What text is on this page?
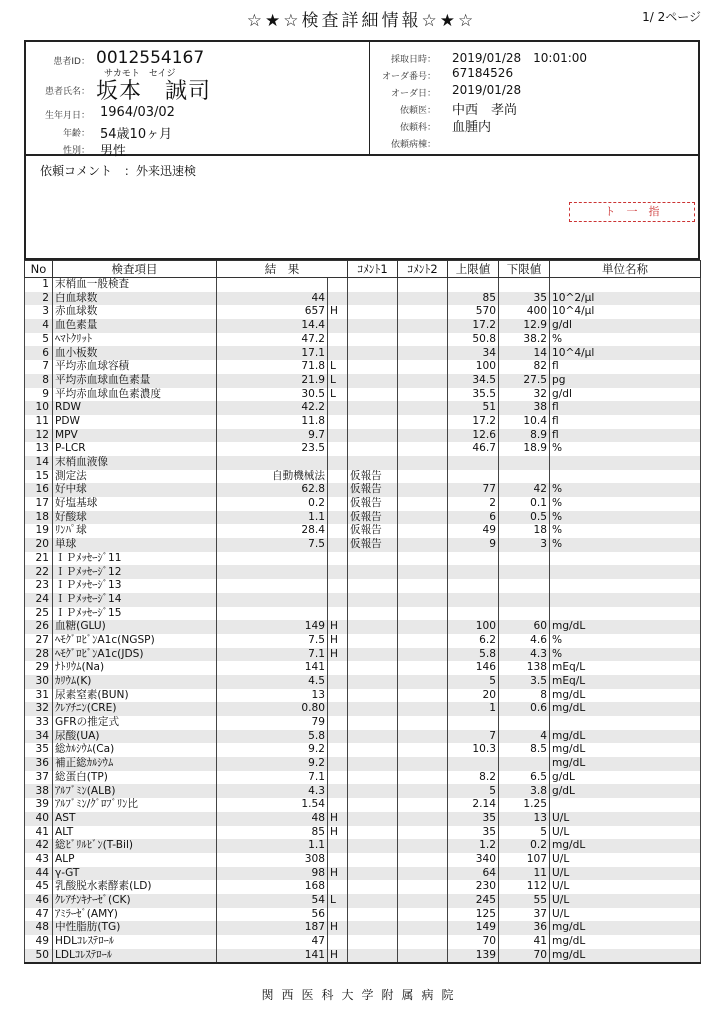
☆★☆検査詳細情報☆★☆	1/ 2ページ
患者ID： 0012554167
サカモト　セイジ
患者氏名： 坂本　誠司
生年月日： 1964/03/02
年齢： 54歳10ヶ月
性別： 男性
採取日時： 2019/01/28　10:01:00
オーダ番号： 67184526
オーダ日： 2019/01/28
依頼医： 中西　孝尚
依頼科： 血腫内
依頼病棟：
依頼コメント　：外来迅速検
ト　一　指
No	検査項目	結　果		ｺﾒﾝﾄ1	ｺﾒﾝﾄ2	上限値	下限値	単位名称
1	末梢血一般検査							
2	白血球数	44				85	35	10^2/μl
3	赤血球数	657	H			570	400	10^4/μl
4	血色素量	14.4				17.2	12.9	g/dl
5	ﾍﾏﾄｸﾘｯﾄ	47.2				50.8	38.2	%
6	血小板数	17.1				34	14	10^4/μl
7	平均赤血球容積	71.8	L			100	82	fl
8	平均赤血球血色素量	21.9	L			34.5	27.5	pg
9	平均赤血球血色素濃度	30.5	L			35.5	32	g/dl
10	RDW	42.2				51	38	fl
11	PDW	11.8				17.2	10.4	fl
12	MPV	9.7				12.6	8.9	fl
13	P-LCR	23.5				46.7	18.9	%
14	末梢血液像							
15	測定法	自動機械法		仮報告				
16	好中球	62.8		仮報告		77	42	%
17	好塩基球	0.2		仮報告		2	0.1	%
18	好酸球	1.1		仮報告		6	0.5	%
19	ﾘﾝﾊﾟ球	28.4		仮報告		49	18	%
20	単球	7.5		仮報告		9	3	%
21	ＩＰﾒｯｾｰｼﾞ11							
22	ＩＰﾒｯｾｰｼﾞ12							
23	ＩＰﾒｯｾｰｼﾞ13							
24	ＩＰﾒｯｾｰｼﾞ14							
25	ＩＰﾒｯｾｰｼﾞ15							
26	血糖(GLU)	149	H			100	60	mg/dL
27	ﾍﾓｸﾞﾛﾋﾞﾝA1c(NGSP)	7.5	H			6.2	4.6	%
28	ﾍﾓｸﾞﾛﾋﾞﾝA1c(JDS)	7.1	H			5.8	4.3	%
29	ﾅﾄﾘｳﾑ(Na)	141				146	138	mEq/L
30	ｶﾘｳﾑ(K)	4.5				5	3.5	mEq/L
31	尿素窒素(BUN)	13				20	8	mg/dL
32	ｸﾚｱﾁﾆﾝ(CRE)	0.80				1	0.6	mg/dL
33	GFRの推定式	79						
34	尿酸(UA)	5.8				7	4	mg/dL
35	総ｶﾙｼｳﾑ(Ca)	9.2				10.3	8.5	mg/dL
36	補正総ｶﾙｼｳﾑ	9.2						mg/dL
37	総蛋白(TP)	7.1				8.2	6.5	g/dL
38	ｱﾙﾌﾞﾐﾝ(ALB)	4.3				5	3.8	g/dL
39	ｱﾙﾌﾞﾐﾝ/ｸﾞﾛﾌﾞﾘﾝ比	1.54				2.14	1.25	
40	AST	48	H			35	13	U/L
41	ALT	85	H			35	5	U/L
42	総ﾋﾞﾘﾙﾋﾞﾝ(T-Bil)	1.1				1.2	0.2	mg/dL
43	ALP	308				340	107	U/L
44	γ-GT	98	H			64	11	U/L
45	乳酸脱水素酵素(LD)	168				230	112	U/L
46	ｸﾚｱﾁﾝｷﾅｰｾﾞ(CK)	54	L			245	55	U/L
47	ｱﾐﾗｰｾﾞ(AMY)	56				125	37	U/L
48	中性脂肪(TG)	187	H			149	36	mg/dL
49	HDLｺﾚｽﾃﾛｰﾙ	47				70	41	mg/dL
50	LDLｺﾚｽﾃﾛｰﾙ	141	H			139	70	mg/dL
関西医科大学附属病院
